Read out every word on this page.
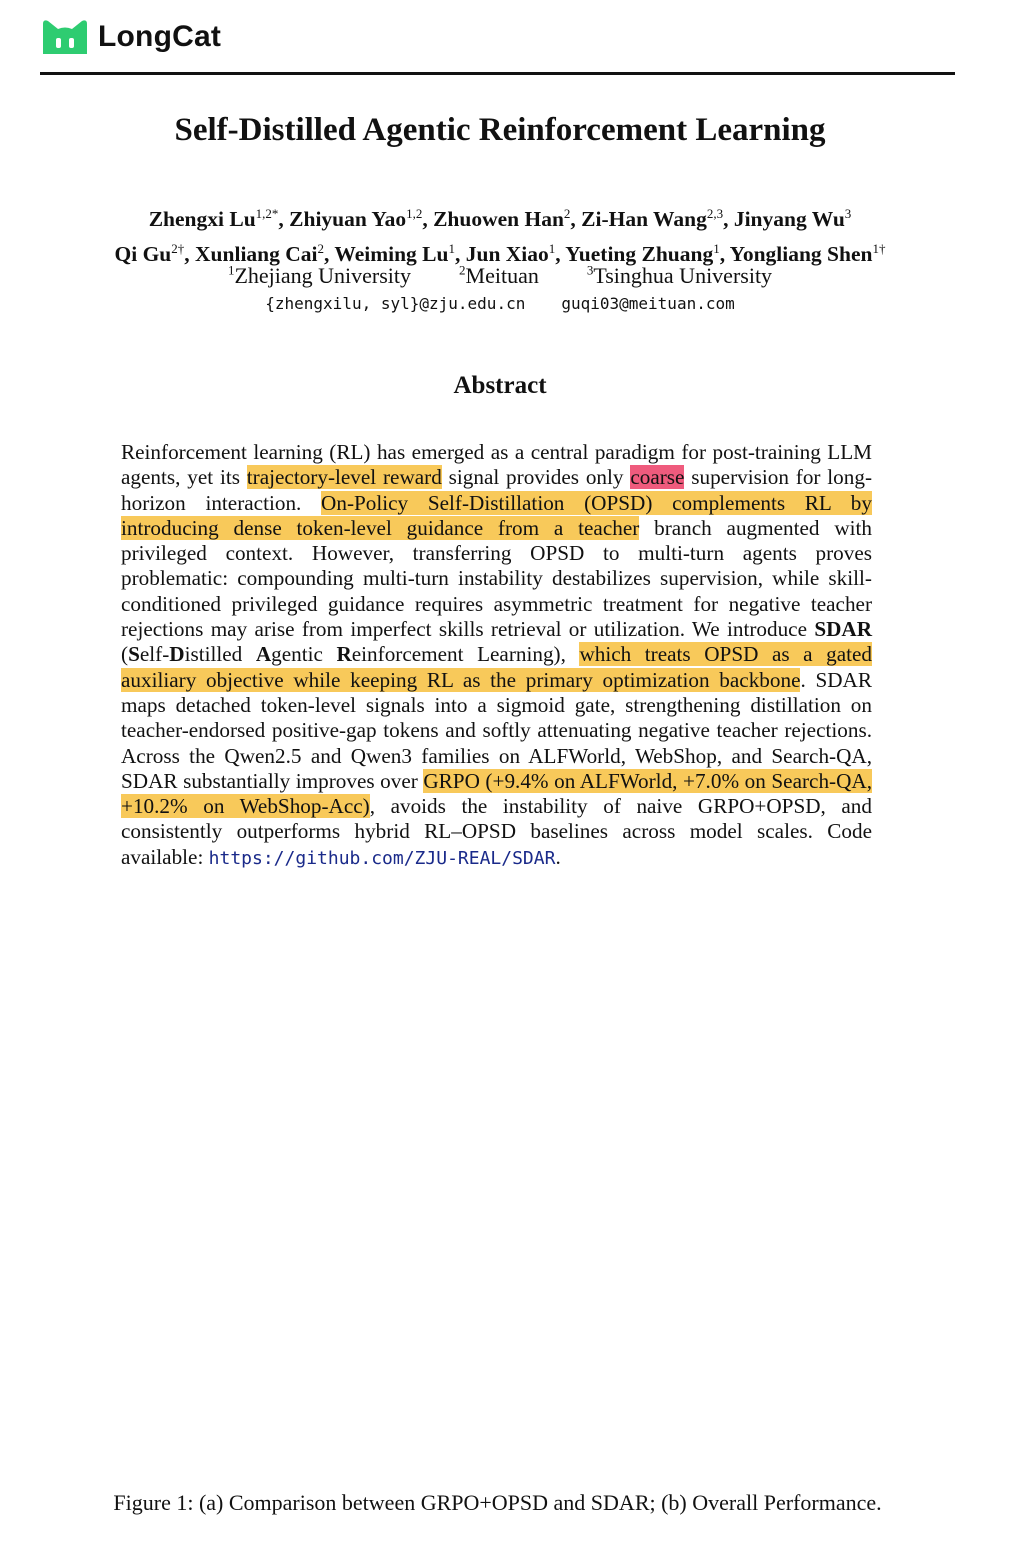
LongCat
Self-Distilled Agentic Reinforcement Learning
Zhengxi $Lu^{1,2*}$, Zhiyuan Yao$^{1,2}$, Zhuowen Han$^2$, Zi-Han Wang$^{2,3}$, Jinyang Wu$^3$
Qi $Gu^{2\dagger}$, Xunliang Cai$^2$, Weiming Lu$^1$, Jun Xiao$^1$, Yueting Zhuang$^1$, Yongliang Shen$^{1\dagger}$
$^1$Zhejiang University	$^2$Meituan	$^3$Tsinghua University
{zhengxilu, syl}@zju.edu.cn guqi03@meituan.com
Abstract
Reinforcement learning (RL) has emerged as a central paradigm for post-training LLM agents, yet its trajectory-level reward signal provides only coarse supervision for long-horizon interaction. On-Policy Self-Distillation (OPSD) complements RL by introducing dense token-level guidance from a teacher branch augmented with privileged context. However, transferring OPSD to multi-turn agents proves problematic: compounding multi-turn instability destabilizes supervision, while skill-conditioned privileged guidance requires asymmetric treatment for negative teacher rejections may arise from imperfect skills retrieval or utilization. We introduce SDAR (Self-Distilled Agentic Reinforcement Learning), which treats OPSD as a gated auxiliary objective while keeping RL as the primary optimization backbone. SDAR maps detached token-level signals into a sigmoid gate, strengthening distillation on teacher-endorsed positive-gap tokens and softly attenuating negative teacher rejections. Across the Qwen2.5 and Qwen3 families on ALFWorld, WebShop, and Search-QA, SDAR substantially improves over GRPO (+9.4% on ALFWorld, +7.0% on Search-QA, +10.2% on WebShop-Acc), avoids the instability of naive GRPO+OPSD, and consistently outperforms hybrid RL–OPSD baselines across model scales. Code available: https://github.com/ZJU-REAL/SDAR.
Figure 1: (a) Comparison between GRPO+OPSD and SDAR; (b) Overall Performance.
